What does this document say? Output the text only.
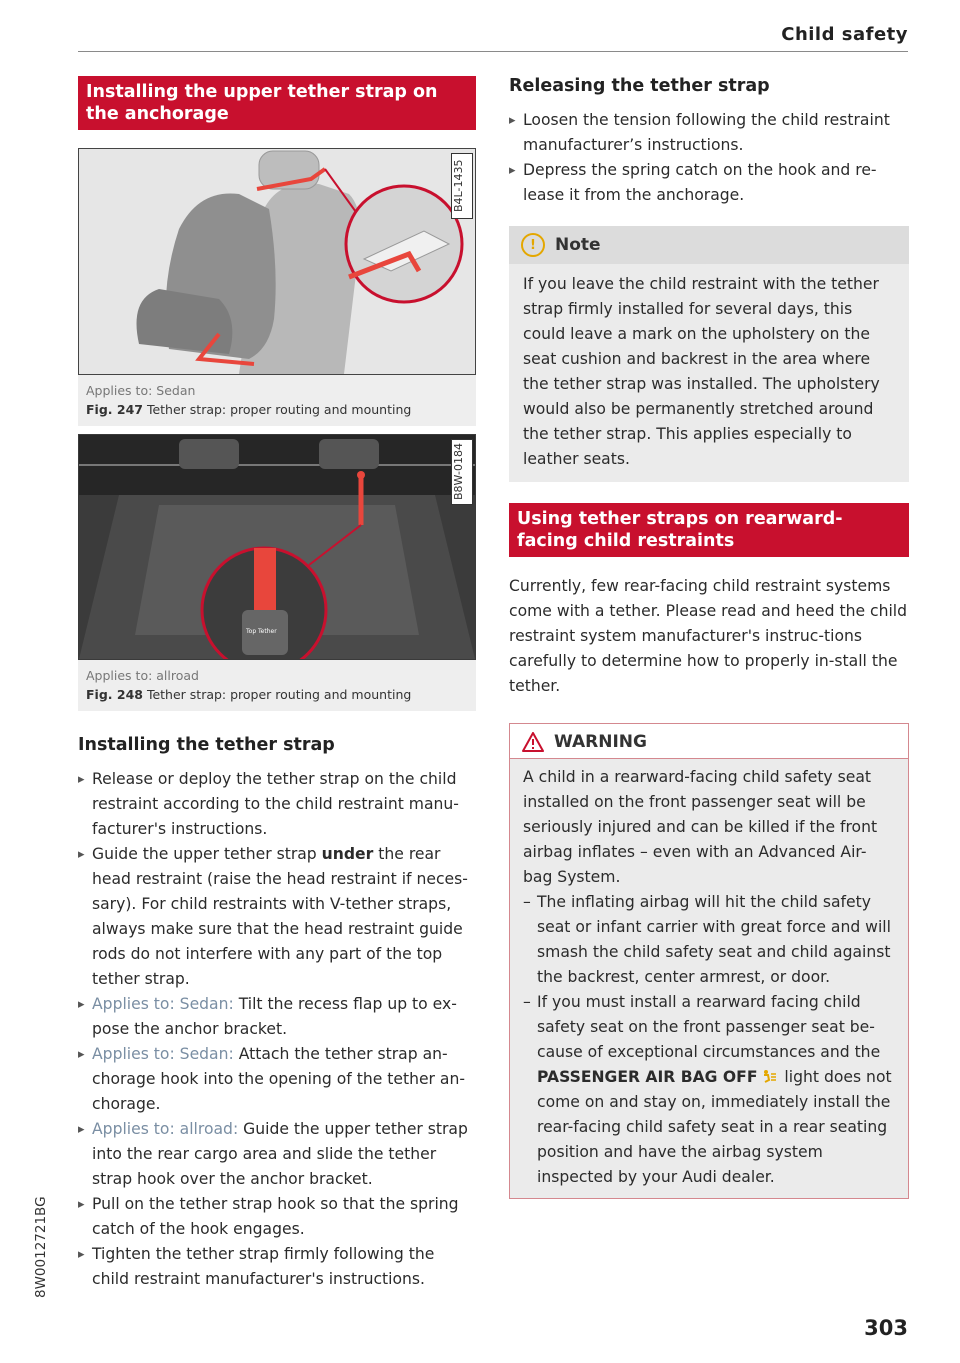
Child safety
Installing the upper tether strap on the anchorage
B4L-1435
Applies to: Sedan
Fig. 247 Tether strap: proper routing and mounting
B8W-0184
Top Tether
Applies to: allroad
Fig. 248 Tether strap: proper routing and mounting
Installing the tether strap
▸ Release or deploy the tether strap on the child restraint according to the child restraint manu-facturer's instructions.
▸ Guide the upper tether strap under the rear head restraint (raise the head restraint if neces-sary). For child restraints with V-tether straps, always make sure that the head restraint guide rods do not interfere with any part of the top tether strap.
▸ Applies to: Sedan: Tilt the recess flap up to ex-pose the anchor bracket.
▸ Applies to: Sedan: Attach the tether strap an-chorage hook into the opening of the tether an-chorage.
▸ Applies to: allroad: Guide the upper tether strap into the rear cargo area and slide the tether strap hook over the anchor bracket.
▸ Pull on the tether strap hook so that the spring catch of the hook engages.
▸ Tighten the tether strap firmly following the child restraint manufacturer's instructions.
Releasing the tether strap
▸ Loosen the tension following the child restraint manufacturer’s instructions.
▸ Depress the spring catch on the hook and re-lease it from the anchorage.
!	Note
If you leave the child restraint with the tether strap firmly installed for several days, this could leave a mark on the upholstery on the seat cushion and backrest in the area where the tether strap was installed. The upholstery would also be permanently stretched around the tether strap. This applies especially to leather seats.
Using tether straps on rearward-facing child restraints

Currently, few rear-facing child restraint systems come with a tether. Please read and heed the child restraint system manufacturer's instruc-tions carefully to determine how to properly in-stall the tether.

WARNING
A child in a rearward-facing child safety seat installed on the front passenger seat will be seriously injured and can be killed if the front airbag inflates – even with an Advanced Air-bag System.
– The inflating airbag will hit the child safety seat or infant carrier with great force and will smash the child safety seat and child against the backrest, center armrest, or door.
– If you must install a rearward facing child safety seat on the front passenger seat be-cause of exceptional circumstances and the PASSENGER AIR BAG OFF light does not come on and stay on, immediately install the rear-facing child safety seat in a rear seating position and have the airbag system inspected by your Audi dealer.
8W0012721BG
303
